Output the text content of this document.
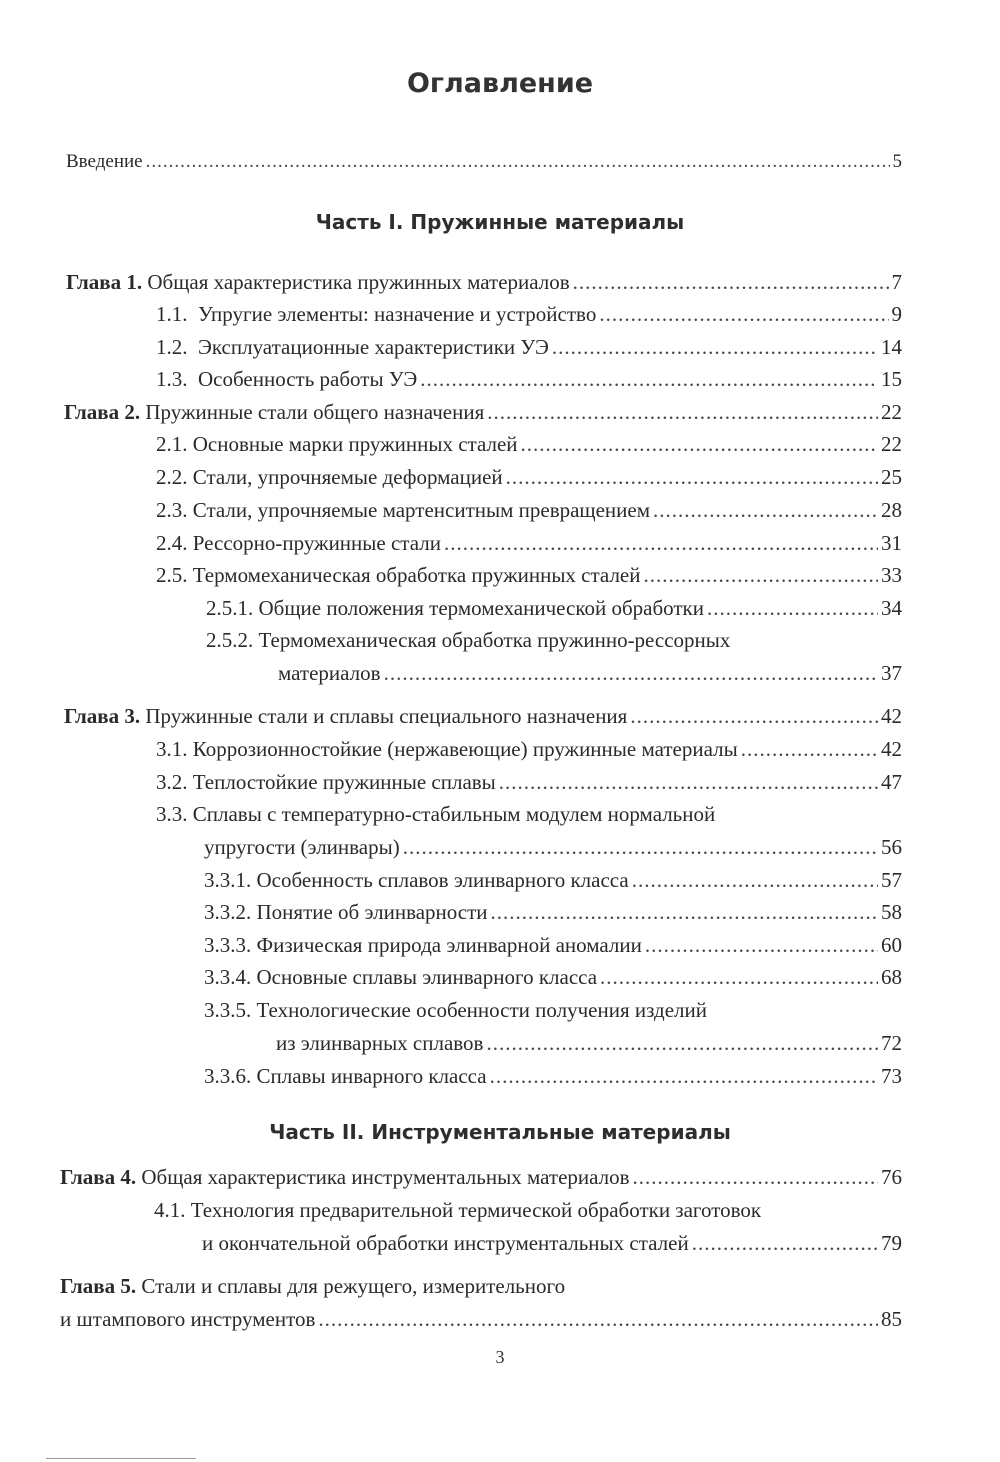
Оглавление
Введение .....	5
Часть I. Пружинные материалы
Глава 1. Общая характеристика пружинных материалов .....	7
1.1. Упругие элементы: назначение и устройство .....	9
1.2. Эксплуатационные характеристики УЭ .....	14
1.3. Особенность работы УЭ .....	15
Глава 2. Пружинные стали общего назначения .....	22
2.1. Основные марки пружинных сталей .....	22
2.2. Стали, упрочняемые деформацией .....	25
2.3. Стали, упрочняемые мартенситным превращением .....	28
2.4. Рессорно-пружинные стали .....	31
2.5. Термомеханическая обработка пружинных сталей .....	33
2.5.1. Общие положения термомеханической обработки .....	34
2.5.2. Термомеханическая обработка пружинно-рессорных
материалов .....	37
Глава 3. Пружинные стали и сплавы специального назначения .....	42
3.1. Коррозионностойкие (нержавеющие) пружинные материалы .....	42
3.2. Теплостойкие пружинные сплавы .....	47
3.3. Сплавы с температурно-стабильным модулем нормальной
упругости (элинвары) .....	56
3.3.1. Особенность сплавов элинварного класса .....	57
3.3.2. Понятие об элинварности .....	58
3.3.3. Физическая природа элинварной аномалии .....	60
3.3.4. Основные сплавы элинварного класса .....	68
3.3.5. Технологические особенности получения изделий
из элинварных сплавов .....	72
3.3.6. Сплавы инварного класса .....	73
Часть II. Инструментальные материалы
Глава 4. Общая характеристика инструментальных материалов .....	76
4.1. Технология предварительной термической обработки заготовок
и окончательной обработки инструментальных сталей .....	79
Глава 5. Стали и сплавы для режущего, измерительного
и штампового инструментов .....	85
3
